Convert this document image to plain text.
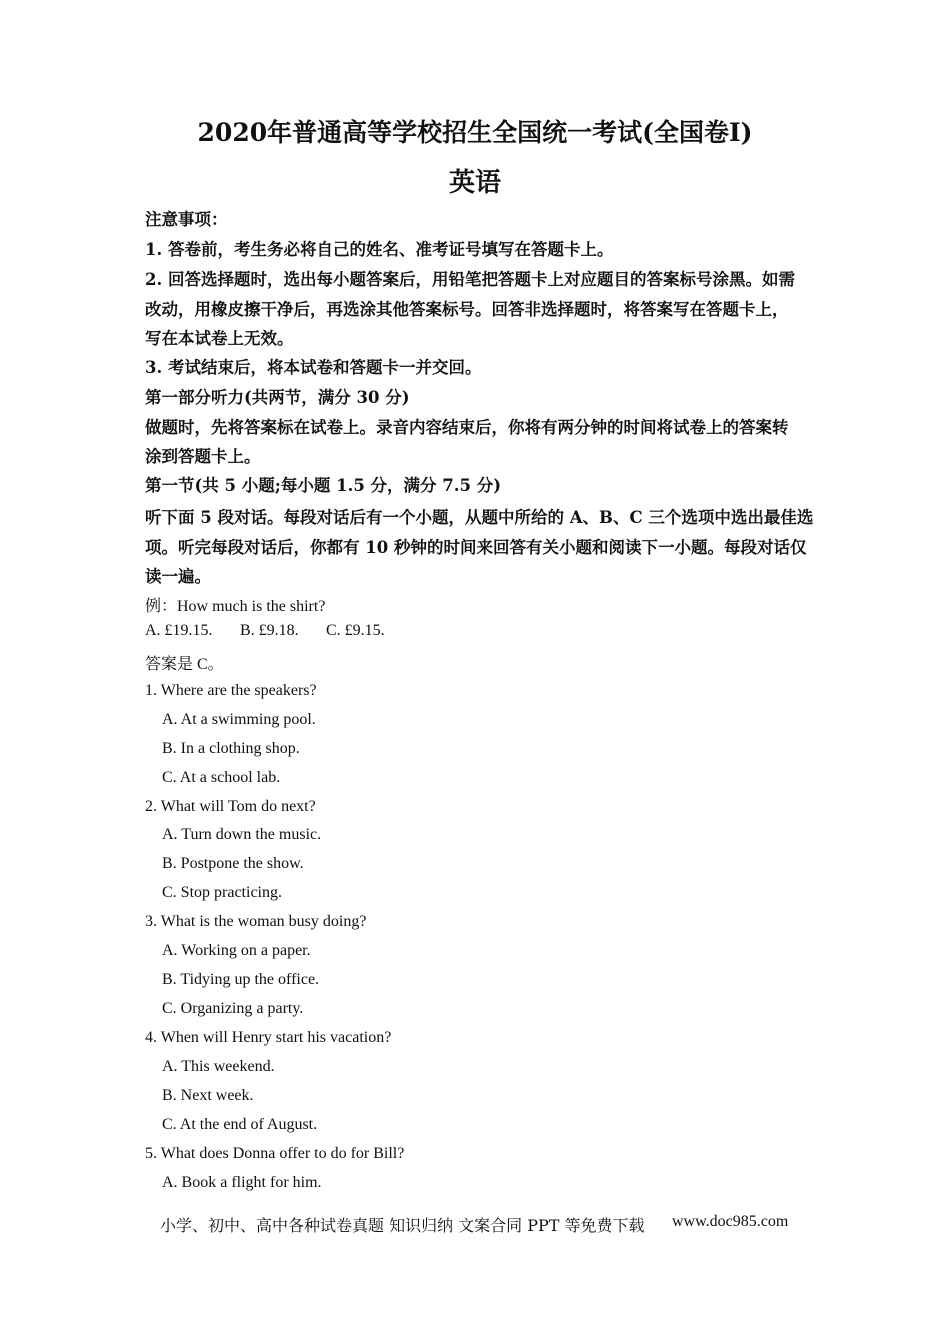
2020年普通高等学校招生全国统一考试(全国卷Ⅰ)
英语
注意事项：
1. 答卷前，考生务必将自己的姓名、准考证号填写在答题卡上。
2. 回答选择题时，选出每小题答案后，用铅笔把答题卡上对应题目的答案标号涂黑。如需
改动，用橡皮擦干净后，再选涂其他答案标号。回答非选择题时，将答案写在答题卡上，
写在本试卷上无效。
3. 考试结束后，将本试卷和答题卡一并交回。
第一部分听力(共两节，满分 30 分)
做题时，先将答案标在试卷上。录音内容结束后，你将有两分钟的时间将试卷上的答案转
涂到答题卡上。
第一节(共 5 小题;每小题 1.5 分，满分 7.5 分)
听下面 5 段对话。每段对话后有一个小题，从题中所给的 A、B、C 三个选项中选出最佳选
项。听完每段对话后，你都有 10 秒钟的时间来回答有关小题和阅读下一小题。每段对话仅
读一遍。
例：How much is the shirt?
A. £19.15. B. £9.18. C. £9.15.
答案是 C。
1. Where are the speakers?
A. At a swimming pool.
B. In a clothing shop.
C. At a school lab.
2. What will Tom do next?
A. Turn down the music.
B. Postpone the show.
C. Stop practicing.
3. What is the woman busy doing?
A. Working on a paper.
B. Tidying up the office.
C. Organizing a party.
4. When will Henry start his vacation?
A. This weekend.
B. Next week.
C. At the end of August.
5. What does Donna offer to do for Bill?
A. Book a flight for him.
小学、初中、高中各种试卷真题 知识归纳 文案合同 PPT 等免费下载 www.doc985.com
